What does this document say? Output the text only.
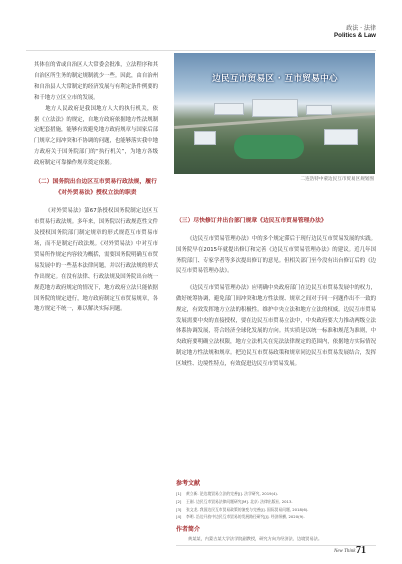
政法 · 法律
Politics & Law

其体在的省或自治区人大常委会批准，立法程序和其自治区所生务的制定规制就少一些。因此，由自治州和自治县人大常制定的经济发展与有利定条件例要的和千地方立区立市的发展。

地方人民政府是我国地方人大的执行机关，依据《立法法》的规定，自地方政府依据地方性法规制定配套措施，能够有效避免地方政府规章与国家后部门规章之间冲突和不协调的问题，也能够落实我中地方政府关于国务院部门的“执行机关”，为地方各级政府制定可靠操作规章奠定依据。

（二）国务院出台边区互市贸易行政法规，履行《对外贸易法》授权立法的职责

《对外贸易法》第67条授权国务院制定边区互市贸易行政法规。多年来，国务院以行政规范性文件及授权国务院部门制定规章的形式规范互市贸易市场，而不是制定行政法规。《对外贸易法》中对互市贸易所作规定内容较为概括，需要国务院明确互市贸易发展中的一些基本法律问题，并以行政法规的形式作出规定。在没有法律、行政法规及国务院出台统一规范地方政府规定的情况下，地方政府立法只能依据国务院的规定进行，地方政府制定互市贸易规章，各地方规定不统一，难以解决实际问题。

边民互市贸易区 · 互市贸易中心
二连浩特中蒙边民互市贸易区规划图
（三）尽快修订并出台部门规章《边民互市贸易管理办法》

《边民互市贸易管理办法》中的多个规定滞后于现行边民互市贸易发展的实践。国务院早在2015年就提出修订和完善《边民互市贸易管理办法》的建议。近几年国务院部门、专家学者等多次提出修订的意见。但相关部门至今没有出台修订后的《边民互市贸易管理办法》。

《边民互市贸易管理办法》应明确中央政府部门在边民互市贸易发展中的权力，做好统筹协调，避免部门间冲突和地方性法规、规章之间对于同一问题作出不一致的规定，有效发挥地方立法的积极性。维护中央立法和地方立法的权威。边民互市贸易发展需要中央的直接授权，要在边民互市贸易立法中，中央政府要大力推动两级立法体系协调发展，符合经济全球化发展的方向。其实质是以统一标准和规范为准则，中央政府要明确立法权限，地方立法机关在宪法法律规定的范围内，依据地方实际情况制定地方性法规和规章。把边民互市贸易政策和规章同边民互市贸易发展结合，发挥区域性、边境性特点，有效促进边民互市贸易发展。

参考文献
[1] 黄立新. 论边境贸易立法的完善[J]. 法学研究, 2019(4).
[2] 王刚. 边民互市贸易法律问题研究[M]. 北京: 法律出版社, 2013.
[3] 张文龙. 我国边民互市贸易政策的演变与完善[J]. 国际贸易问题, 2018(6).
[4] 李明. 沿边开放中边民互市贸易的发展路径研究[J]. 经济纵横, 2020(9).
作者简介
黄某某，内蒙古某大学法学院副教授，研究方向为经济法、边境贸易法。
New Think 71
